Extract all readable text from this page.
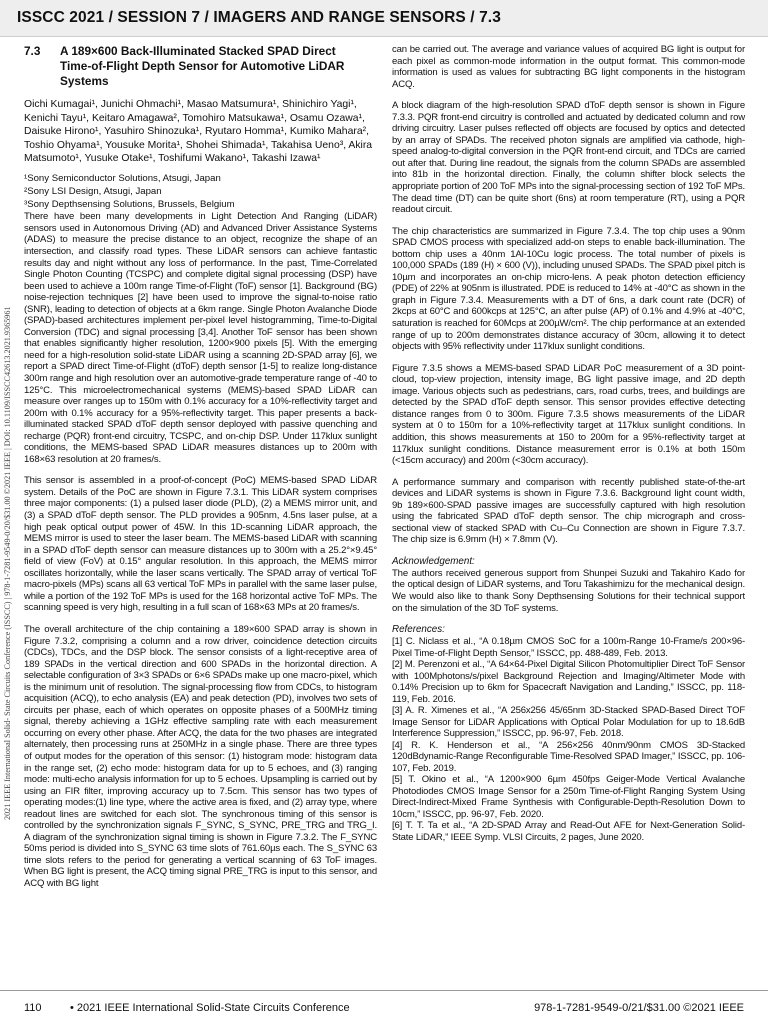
ISSCC 2021 / SESSION 7 / IMAGERS AND RANGE SENSORS / 7.3
2021 IEEE International Solid- State Circuits Conference (ISSCC) | 978-1-7281-9549-0/20/$31.00 ©2021 IEEE | DOI: 10.1109/ISSCC42613.2021.9365961
7.3	A 189×600 Back-Illuminated Stacked SPAD Direct
Time-of-Flight Depth Sensor for Automotive LiDAR Systems
Oichi Kumagai¹, Junichi Ohmachi¹, Masao Matsumura¹, Shinichiro Yagi¹, Kenichi Tayu¹, Keitaro Amagawa², Tomohiro Matsukawa¹, Osamu Ozawa¹, Daisuke Hirono¹, Yasuhiro Shinozuka¹, Ryutaro Homma¹, Kumiko Mahara², Toshio Ohyama¹, Yousuke Morita¹, Shohei Shimada¹, Takahisa Ueno³, Akira Matsumoto¹, Yusuke Otake¹, Toshifumi Wakano¹, Takashi Izawa¹
¹Sony Semiconductor Solutions, Atsugi, Japan
²Sony LSI Design, Atsugi, Japan
³Sony Depthsensing Solutions, Brussels, Belgium

There have been many developments in Light Detection And Ranging (LiDAR) sensors used in Autonomous Driving (AD) and Advanced Driver Assistance Systems (ADAS) to measure the precise distance to an object, recognize the shape of an intersection, and classify road types. These LiDAR sensors can achieve fantastic results day and night without any loss of performance. In the past, Time-Correlated Single Photon Counting (TCSPC) and complete digital signal processing (DSP) have been used to achieve a 100m range Time-of-Flight (ToF) sensor [1]. Background (BG) noise-rejection techniques [2] have been used to improve the signal-to-noise ratio (SNR), leading to detection of objects at a 6km range. Single Photon Avalanche Diode (SPAD)-based architectures implement per-pixel level histogramming, Time-to-Digital Conversion (TDC) and signal processing [3,4]. Another ToF sensor has been shown that enables significantly higher resolution, 1200×900 pixels [5]. With the emerging need for a high-resolution solid-state LiDAR using a scanning 2D-SPAD array [6], we report a SPAD direct Time-of-Flight (dToF) depth sensor [1-5] to realize long-distance 300m range and high resolution over an automotive-grade temperature range of -40 to 125°C. This microelectromechanical systems (MEMS)-based SPAD LiDAR can measure over ranges up to 150m with 0.1% accuracy for a 10%-reflectivity target and 200m with 0.1% accuracy for a 95%-reflectivity target. This paper presents a back-illuminated stacked SPAD dToF depth sensor deployed with passive quenching and recharge (PQR) front-end circuitry, TCSPC, and on-chip DSP. Under 117klux sunlight conditions, the MEMS-based SPAD LiDAR measures distances up to 200m with 168×63 resolution at 20 frames/s.

This sensor is assembled in a proof-of-concept (PoC) MEMS-based SPAD LiDAR system. Details of the PoC are shown in Figure 7.3.1. This LiDAR system comprises three major components: (1) a pulsed laser diode (PLD), (2) a MEMS mirror unit, and (3) a SPAD dToF depth sensor. The PLD provides a 905nm, 4.5ns laser pulse, at a high peak optical output power of 45W. In this 1D-scanning LiDAR approach, the MEMS mirror is used to steer the laser beam. The MEMS-based LiDAR with scanning in a SPAD dToF depth sensor can measure distances up to 300m with a 25.2°×9.45° field of view (FoV) at 0.15° angular resolution. In this approach, the MEMS mirror oscillates horizontally, while the laser scans vertically. The SPAD array of vertical ToF macro-pixels (MPs) scans all 63 vertical ToF MPs in parallel with the same laser pulse, while a portion of the 192 ToF MPs is used for the 168 horizontal active ToF MPs. The scanning speed is very high, resulting in a full scan of 168×63 MPs at 20 frames/s.

The overall architecture of the chip containing a 189×600 SPAD array is shown in Figure 7.3.2, comprising a column and a row driver, coincidence detection circuits (CDCs), TDCs, and the DSP block. The sensor consists of a light-receptive area of 189 SPADs in the vertical direction and 600 SPADs in the horizontal direction. A selectable configuration of 3×3 SPADs or 6×6 SPADs make up one macro-pixel, which is the minimum unit of resolution. The signal-processing flow from CDCs, to histogram acquisition (ACQ), to echo analysis (EA) and peak detection (PD), involves two sets of circuits per phase, each of which operates on opposite phases of a 500MHz timing signal, thereby achieving a 1GHz effective sampling rate with each measurement occurring on every other phase. After ACQ, the data for the two phases are integrated alternately, then processing runs at 250MHz in a single phase. There are three types of output modes for the operation of this sensor: (1) histogram mode: histogram data in the range set, (2) echo mode: histogram data for up to 5 echoes, and (3) ranging mode: multi-echo analysis information for up to 5 echoes. Upsampling is carried out by using an FIR filter, improving accuracy up to 7.5cm. This sensor has two types of operating modes:(1) line type, where the active area is fixed, and (2) array type, where readout lines are switched for each slot. The synchronous timing of this sensor is controlled by the synchronization signals F_SYNC, S_SYNC, PRE_TRG and TRG_I. A diagram of the synchronization signal timing is shown in Figure 7.3.2. The F_SYNC 50ms period is divided into S_SYNC 63 time slots of 761.60µs each. The S_SYNC 63 time slots refers to the period for generating a vertical scanning of 63 ToF images. When BG light is present, the ACQ timing signal PRE_TRG is input to this sensor, and ACQ with BG light

can be carried out. The average and variance values of acquired BG light is output for each pixel as common-mode information in the output format. This common-mode information is used as values for subtracting BG light components in the histogram ACQ.

A block diagram of the high-resolution SPAD dToF depth sensor is shown in Figure 7.3.3. PQR front-end circuitry is controlled and actuated by dedicated column and row driving circuitry. Laser pulses reflected off objects are focused by optics and detected by an array of SPADs. The received photon signals are amplified via cathode, high-speed analog-to-digital conversion in the PQR front-end circuit, and TDCs are carried out after that. During line readout, the signals from the column SPADs are assembled into 81b in the horizontal direction. Finally, the column shifter block selects the appropriate portion of 200 ToF MPs into the signal-processing section of 192 ToF MPs. The dead time (DT) can be quite short (6ns) at room temperature (RT), using a PQR readout circuit.

The chip characteristics are summarized in Figure 7.3.4. The top chip uses a 90nm SPAD CMOS process with specialized add-on steps to enable back-illumination. The bottom chip uses a 40nm 1Al-10Cu logic process. The total number of pixels is 100,000 SPADs (189 (H) × 600 (V)), including unused SPADs. The SPAD pixel pitch is 10µm and incorporates an on-chip micro-lens. A peak photon detection efficiency (PDE) of 22% at 905nm is illustrated. PDE is reduced to 14% at -40°C as shown in the graph in Figure 7.3.4. Measurements with a DT of 6ns, a dark count rate (DCR) of 2kcps at 60°C and 600kcps at 125°C, an after pulse (AP) of 0.1% and 4.9% at -40°C, saturation is reached for 60Mcps at 200µW/cm². The chip performance at an extended range of up to 200m demonstrates distance accuracy of 30cm, allowing it to detect objects with 95% reflectivity under 117klux sunlight conditions.

Figure 7.3.5 shows a MEMS-based SPAD LiDAR PoC measurement of a 3D point-cloud, top-view projection, intensity image, BG light passive image, and 2D depth image. Various objects such as pedestrians, cars, road curbs, trees, and buildings are detected by the SPAD dToF depth sensor. This sensor provides effective detecting distance ranges from 0 to 300m. Figure 7.3.5 shows measurements of the LiDAR system at 0 to 150m for a 10%-reflectivity target at 117klux sunlight conditions. In addition, this shows measurements at 150 to 200m for a 95%-reflectivity target at 117klux sunlight conditions. Distance measurement error is 0.1% at both 150m (<15cm accuracy) and 200m (<30cm accuracy).

A performance summary and comparison with recently published state-of-the-art devices and LiDAR systems is shown in Figure 7.3.6. Background light count width, 9b 189×600-SPAD passive images are successfully captured with high resolution using the fabricated SPAD dToF depth sensor. The chip micrograph and cross-sectional view of stacked SPAD with Cu–Cu Connection are shown in Figure 7.3.7. The chip size is 6.9mm (H) × 7.8mm (V).

Acknowledgement:

The authors received generous support from Shunpei Suzuki and Takahiro Kado for the optical design of LiDAR systems, and Toru Takashimizu for the mechanical design. We would also like to thank Sony Depthsensing Solutions for their technical support on the simulation of the 3D ToF systems.

References:
[1] C. Niclass et al., “A 0.18µm CMOS SoC for a 100m-Range 10-Frame/s 200×96-Pixel Time-of-Flight Depth Sensor,” ISSCC, pp. 488-489, Feb. 2013.
[2] M. Perenzoni et al., “A 64×64-Pixel Digital Silicon Photomultiplier Direct ToF Sensor with 100Mphotons/s/pixel Background Rejection and Imaging/Altimeter Mode with 0.14% Precision up to 6km for Spacecraft Navigation and Landing,” ISSCC, pp. 118-119, Feb. 2016.
[3] A. R. Ximenes et al., “A 256x256 45/65nm 3D-Stacked SPAD-Based Direct TOF Image Sensor for LiDAR Applications with Optical Polar Modulation for up to 18.6dB Interference Suppression,” ISSCC, pp. 96-97, Feb. 2018.
[4] R. K. Henderson et al., “A 256×256 40nm/90nm CMOS 3D-Stacked 120dBdynamic-Range Reconfigurable Time-Resolved SPAD Imager,” ISSCC, pp. 106-107, Feb. 2019.
[5] T. Okino et al., “A 1200×900 6µm 450fps Geiger-Mode Vertical Avalanche Photodiodes CMOS Image Sensor for a 250m Time-of-Flight Ranging System Using Direct-Indirect-Mixed Frame Synthesis with Configurable-Depth-Resolution Down to 10cm,” ISSCC, pp. 96-97, Feb. 2020.
[6] T. T. Ta et al., “A 2D-SPAD Array and Read-Out AFE for Next-Generation Solid-State LiDAR,” IEEE Symp. VLSI Circuits, 2 pages, June 2020.
110	• 2021 IEEE International Solid-State Circuits Conference	978-1-7281-9549-0/21/$31.00 ©2021 IEEE
